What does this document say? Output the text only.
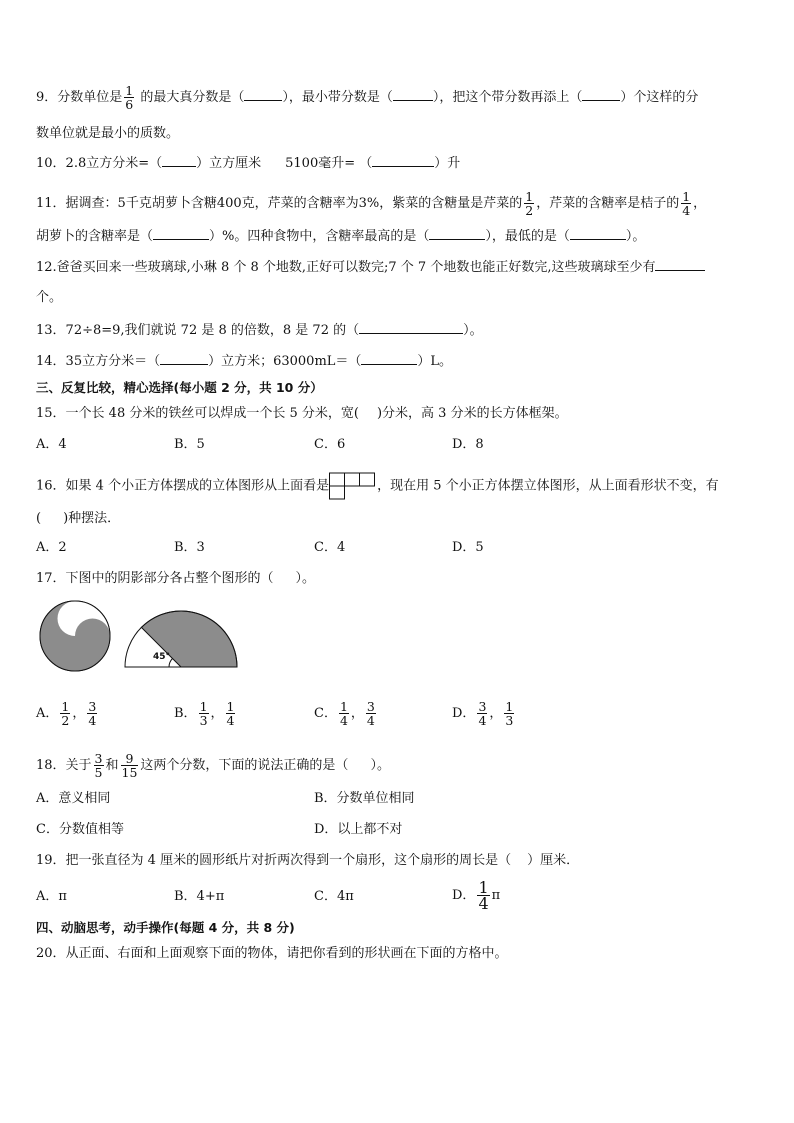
9．分数单位是 $\frac{1}{6}$ 的最大真分数是（	），最小带分数是（	），把这个带分数再添上（	）个这样的分
数单位就是最小的质数。
10．2.8立方分米=（	）立方厘米 5100毫升= （	）升
11．据调查：5千克胡萝卜含糖400克，芹菜的含糖率为3%，紫菜的含糖量是芹菜的 $\frac{1}{2}$ ，芹菜的含糖率是桔子的 $\frac{1}{4}$ ，
胡萝卜的含糖率是（	）%。四种食物中，含糖率最高的是（	），最低的是（	）。
12.爸爸买回来一些玻璃球,小琳 8 个 8 个地数,正好可以数完;7 个 7 个地数也能正好数完,这些玻璃球至少有
个。
13．72÷8=9,我们就说 72 是 8 的倍数，8 是 72 的（	）。
14．35立方分米＝（	）立方米；63000mL＝（	）L。
三、反复比较，精心选择(每小题 2 分，共 10 分）
15．一个长 48 分米的铁丝可以焊成一个长 5 分米，宽( )分米，高 3 分米的长方体框架。
A．4	B．5	C．6	D．8
16．如果 4 个小正方体摆成的立体图形从上面看是	，现在用 5 个小正方体摆立体图形，从上面看形状不变，有
( )种摆法．
A．2	B．3	C．4	D．5
17．下图中的阴影部分各占整个图形的（ ）。
45°
A． $\frac{1}{2}$ ， $\frac{3}{4}$	B． $\frac{1}{3}$ ， $\frac{1}{4}$	C． $\frac{1}{4}$ ， $\frac{3}{4}$	D． $\frac{3}{4}$ ， $\frac{1}{3}$
18．关于 $\frac{3}{5}$ 和 $\frac{9}{15}$ 这两个分数，下面的说法正确的是（ ）。
A．意义相同	B．分数单位相同
C．分数值相等	D．以上都不对
19．把一张直径为 4 厘米的圆形纸片对折两次得到一个扇形，这个扇形的周长是（ ）厘米．
A．π	B．4+π	C．4π	D． $\frac{1}{4}$ π
四、动脑思考，动手操作(每题 4 分，共 8 分)
20．从正面、右面和上面观察下面的物体，请把你看到的形状画在下面的方格中。
